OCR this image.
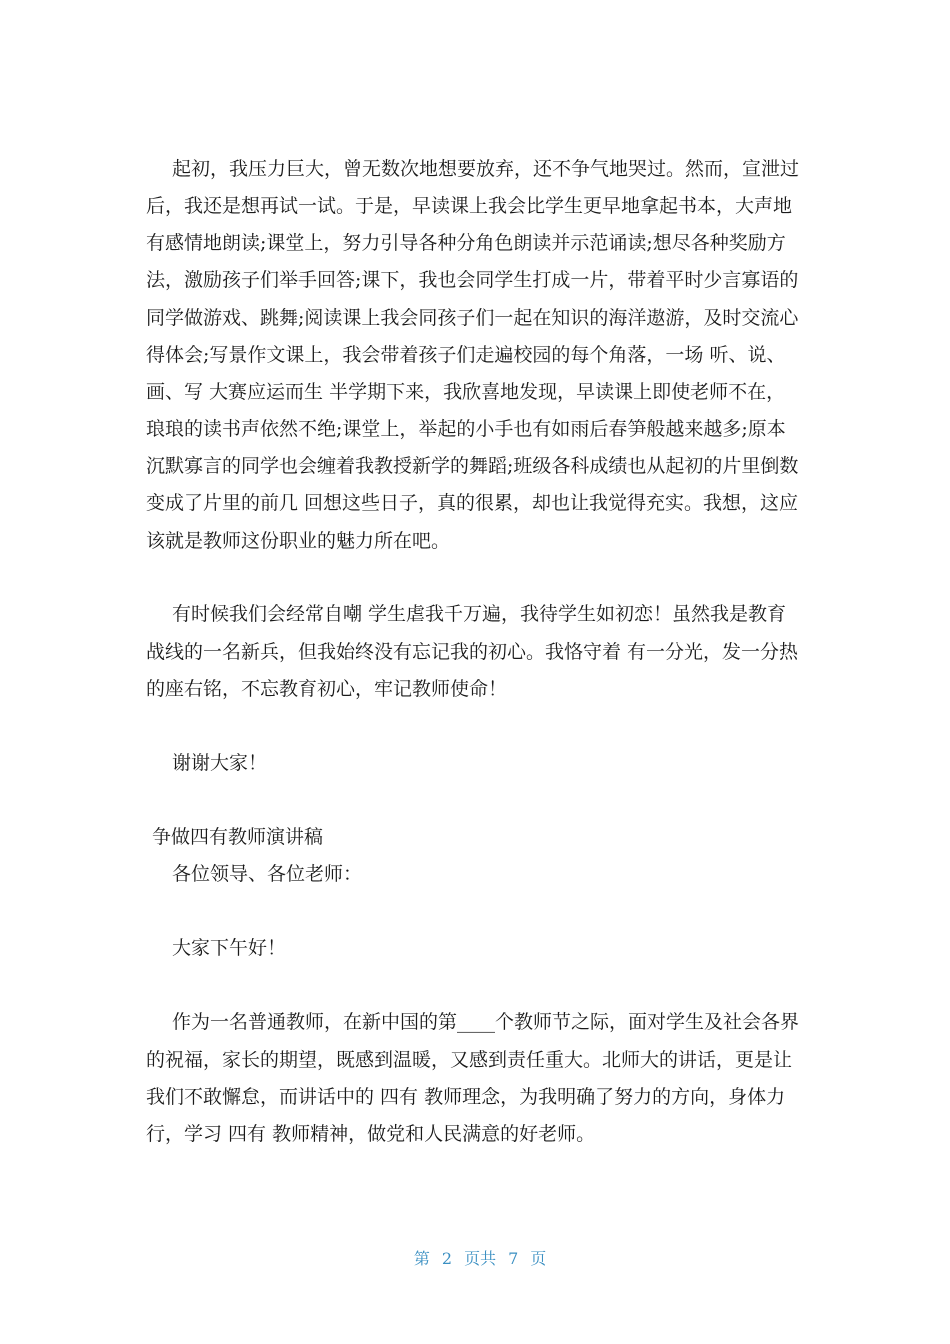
起初，我压力巨大，曾无数次地想要放弃，还不争气地哭过。然而，宣泄过
后，我还是想再试一试。于是，早读课上我会比学生更早地拿起书本，大声地
有感情地朗读;课堂上，努力引导各种分角色朗读并示范诵读;想尽各种奖励方
法，激励孩子们举手回答;课下，我也会同学生打成一片，带着平时少言寡语的
同学做游戏、跳舞;阅读课上我会同孩子们一起在知识的海洋遨游，及时交流心
得体会;写景作文课上，我会带着孩子们走遍校园的每个角落，一场 听、说、
画、写 大赛应运而生 半学期下来，我欣喜地发现，早读课上即使老师不在，
琅琅的读书声依然不绝;课堂上，举起的小手也有如雨后春笋般越来越多;原本
沉默寡言的同学也会缠着我教授新学的舞蹈;班级各科成绩也从起初的片里倒数
变成了片里的前几 回想这些日子，真的很累，却也让我觉得充实。我想，这应
该就是教师这份职业的魅力所在吧。
有时候我们会经常自嘲 学生虐我千万遍，我待学生如初恋！虽然我是教育
战线的一名新兵，但我始终没有忘记我的初心。我恪守着 有一分光，发一分热
的座右铭，不忘教育初心，牢记教师使命！
谢谢大家！
争做四有教师演讲稿
各位领导、各位老师：
大家下午好！
作为一名普通教师，在新中国的第____个教师节之际，面对学生及社会各界
的祝福，家长的期望，既感到温暖，又感到责任重大。北师大的讲话，更是让
我们不敢懈怠，而讲话中的 四有 教师理念，为我明确了努力的方向，身体力
行，学习 四有 教师精神，做党和人民满意的好老师。

第 2 页共 7 页
